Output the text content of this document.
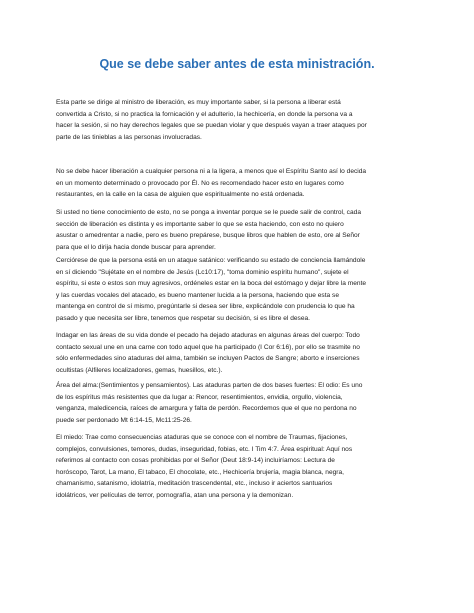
Que se debe saber antes de esta ministración.
Esta parte se dirige al ministro de liberación, es muy importante saber, si la persona a liberar está
convertida a Cristo, si no practica la fornicación y el adulterio, la hechicería, en donde la persona va a
hacer la sesión, si no hay derechos legales que se puedan violar y que después vayan a traer ataques por
parte de las tinieblas a las personas involucradas.
No se debe hacer liberación a cualquier persona ni a la ligera, a menos que el Espíritu Santo así lo decida
en un momento determinado o provocado por Él. No es recomendado hacer esto en lugares como
restaurantes, en la calle en la casa de alguien que espiritualmente no está ordenada.
Si usted no tiene conocimiento de esto, no se ponga a inventar porque se le puede salir de control, cada
sección de liberación es distinta y es importante saber lo que se esta haciendo, con esto no quiero
asustar o amedrentar a nadie, pero es bueno prepárese, busque libros que hablen de esto, ore al Señor
para que el lo dirija hacia donde buscar para aprender.
Cerciórese de que la persona está en un ataque satánico: verificando su estado de conciencia llamándole
en sí diciendo "Sujétate en el nombre de Jesús (Lc10:17), "toma dominio espíritu humano", sujete el
espíritu, si este o estos son muy agresivos, ordéneles estar en la boca del estómago y dejar libre la mente
y las cuerdas vocales del atacado, es bueno mantener lucida a la persona, haciendo que esta se
mantenga en control de sí mismo, pregúntarle si desea ser libre, explicándole con prudencia lo que ha
pasado y que necesita ser libre, tenemos que respetar su decisión, si es libre el desea.
Indagar en las áreas de su vida donde el pecado ha dejado ataduras en algunas áreas del cuerpo: Todo
contacto sexual une en una carne con todo aquel que ha participado (I Cor 6:16), por ello se trasmite no
sólo enfermedades sino ataduras del alma, también se incluyen Pactos de Sangre; aborto e inserciones
ocultistas (Alfileres localizadores, gemas, huesillos, etc.).
Área del alma:(Sentimientos y pensamientos). Las ataduras parten de dos bases fuertes: El odio: Es uno
de los espíritus más resistentes que da lugar a: Rencor, resentimientos, envidia, orgullo, violencia,
venganza, maledicencia, raíces de amargura y falta de perdón. Recordemos que el que no perdona no
puede ser perdonado Mt 6:14-15, Mc11:25-26.
El miedo: Trae como consecuencias ataduras que se conoce con el nombre de Traumas, fijaciones,
complejos, convulsiones, temores, dudas, inseguridad, fobias, etc. I Tim 4:7. Área espiritual: Aquí nos
referimos al contacto con cosas prohibidas por el Señor (Deut 18:9-14) incluiríamos: Lectura de
horóscopo, Tarot, La mano, El tabaco, El chocolate, etc., Hechicería brujería, magia blanca, negra,
chamanismo, satanismo, idolatría, meditación trascendental, etc., incluso ir aciertos santuarios
idolátricos, ver películas de terror, pornografía, atan una persona y la demonizan.
